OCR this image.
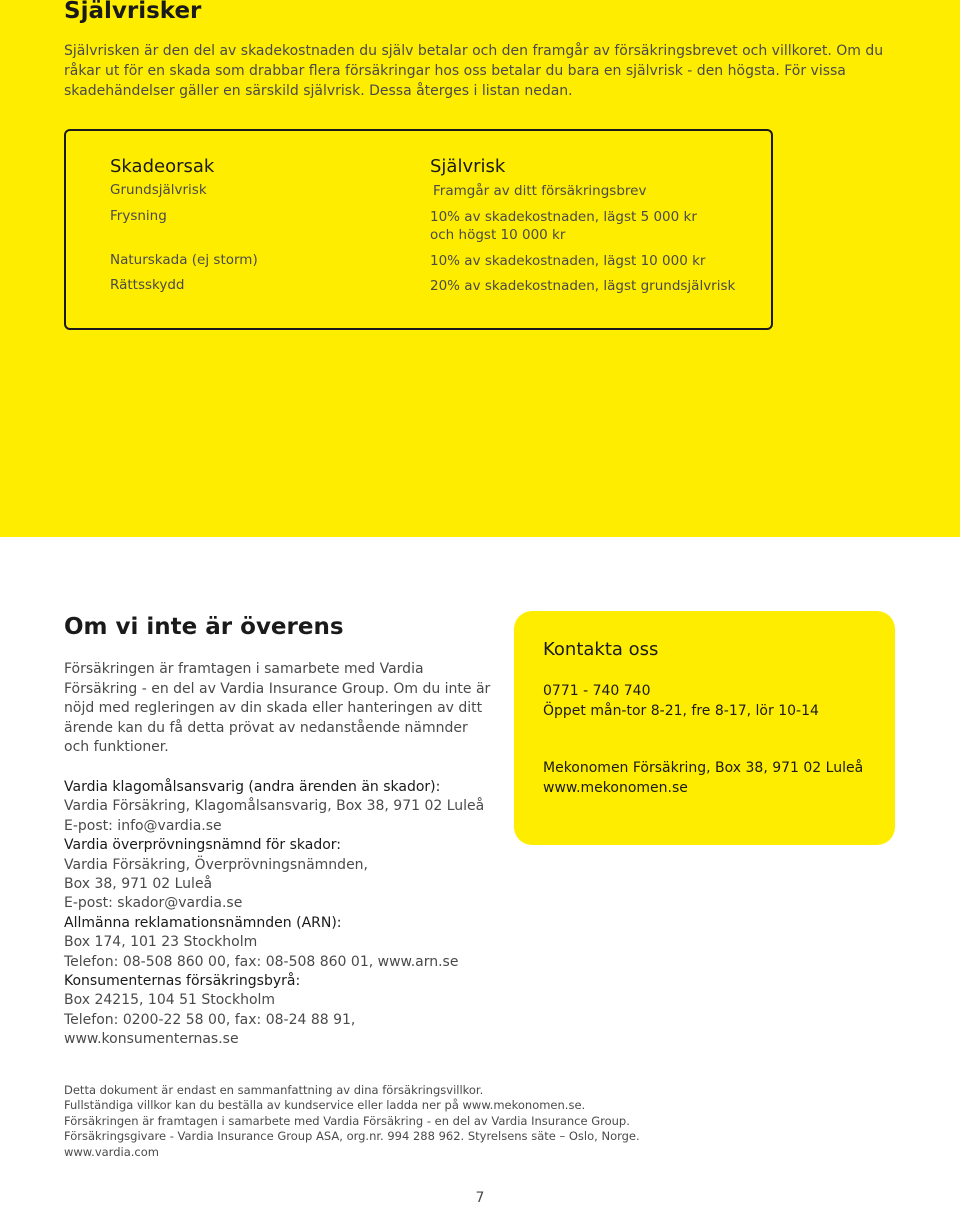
Självrisker

Självrisken är den del av skadekostnaden du själv betalar och den framgår av försäkringsbrevet och villkoret. Om du råkar ut för en skada som drabbar flera försäkringar hos oss betalar du bara en självrisk - den högsta. För vissa skadehändelser gäller en särskild självrisk. Dessa återges i listan nedan.

Skadeorsak	Självrisk
Grundsjälvrisk	Framgår av ditt försäkringsbrev
Frysning	10% av skadekostnaden, lägst 5 000 kr
och högst 10 000 kr
Naturskada (ej storm)	10% av skadekostnaden, lägst 10 000 kr
Rättsskydd	20% av skadekostnaden, lägst grundsjälvrisk
Om vi inte är överens

Försäkringen är framtagen i samarbete med Vardia Försäkring - en del av Vardia Insurance Group. Om du inte är nöjd med regleringen av din skada eller hanteringen av ditt ärende kan du få detta prövat av nedanstående nämnder och funktioner.

Vardia klagomålsansvarig (andra ärenden än skador):
Vardia Försäkring, Klagomålsansvarig, Box 38, 971 02 Luleå
E-post: info@vardia.se
Vardia överprövningsnämnd för skador:
Vardia Försäkring, Överprövningsnämnden,
Box 38, 971 02 Luleå
E-post: skador@vardia.se
Allmänna reklamationsnämnden (ARN):
Box 174, 101 23 Stockholm
Telefon: 08-508 860 00, fax: 08-508 860 01, www.arn.se
Konsumenternas försäkringsbyrå:
Box 24215, 104 51 Stockholm
Telefon: 0200-22 58 00, fax: 08-24 88 91,
www.konsumenternas.se
Kontakta oss
0771 - 740 740
Öppet mån-tor 8-21, fre 8-17, lör 10-14
Mekonomen Försäkring, Box 38, 971 02 Luleå
www.mekonomen.se
Detta dokument är endast en sammanfattning av dina försäkringsvillkor.
Fullständiga villkor kan du beställa av kundservice eller ladda ner på www.mekonomen.se.
Försäkringen är framtagen i samarbete med Vardia Försäkring - en del av Vardia Insurance Group.
Försäkringsgivare - Vardia Insurance Group ASA, org.nr. 994 288 962. Styrelsens säte – Oslo, Norge.
www.vardia.com
7
